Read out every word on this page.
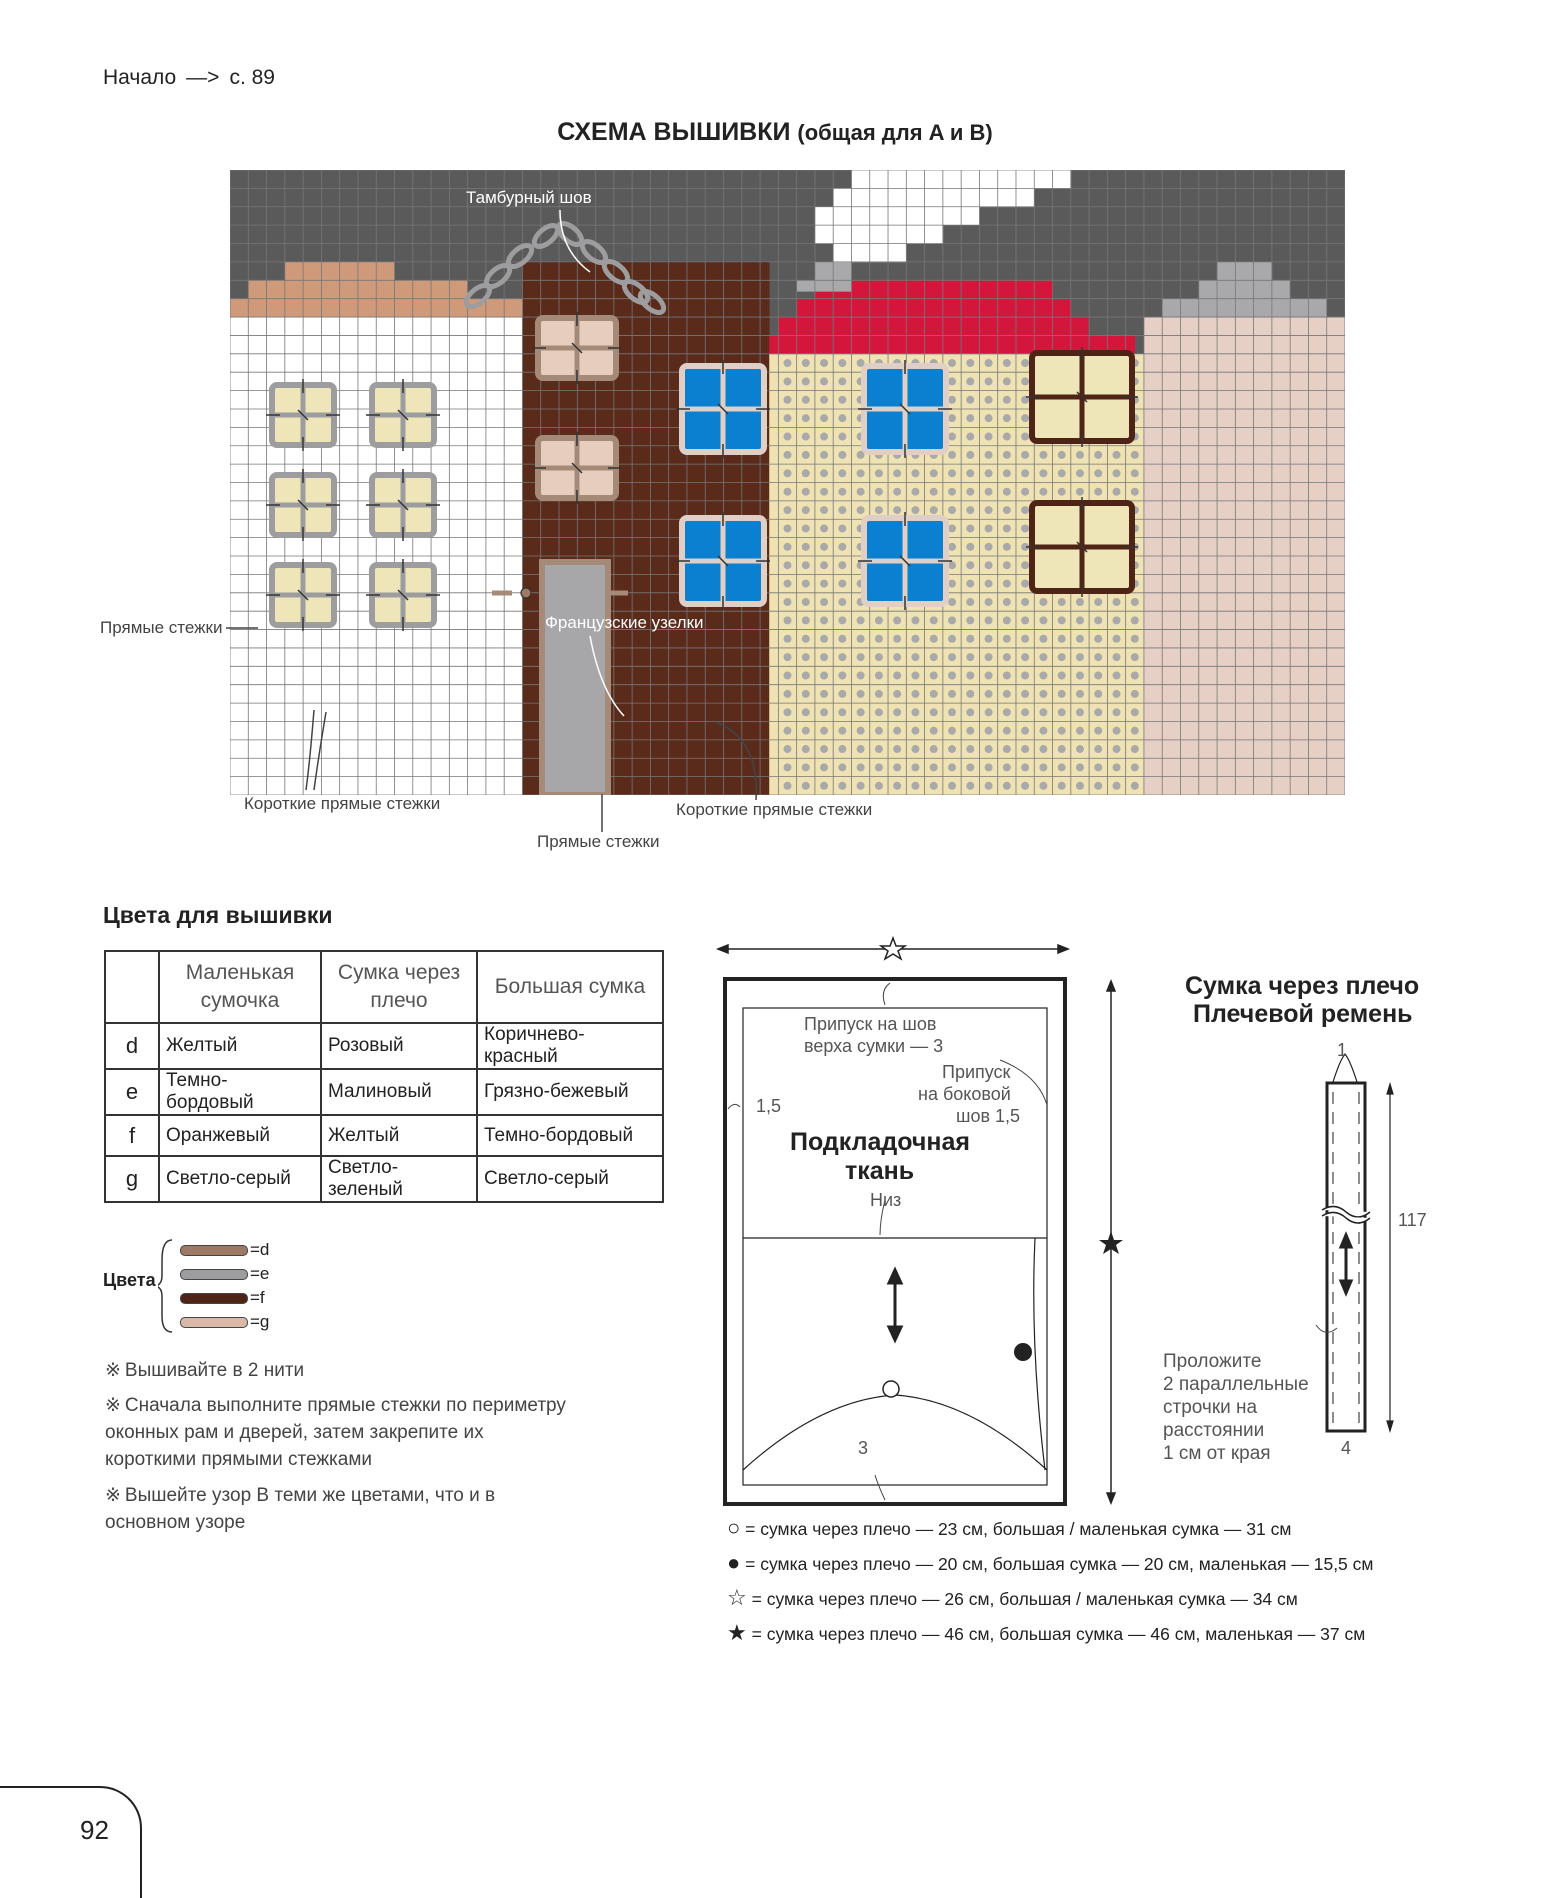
Начало —> с. 89
СХЕМА ВЫШИВКИ (общая для A и B)
Тамбурный шов
Прямые стежки	Французские узелки
Короткие прямые стежки	Короткие прямые стежки
Прямые стежки
Цвета для вышивки
	Маленькая сумочка	Сумка через плечо	Большая сумка
d	Желтый	Розовый	Коричнево-красный
e	Темно-бордовый	Малиновый	Грязно-бежевый
f	Оранжевый	Желтый	Темно-бордовый
g	Светло-серый	Светло-зеленый	Светло-серый
Цвета
=d
=e
=f
=g
※ Вышивайте в 2 нити
※ Сначала выполните прямые стежки по периметру оконных рам и дверей, затем закрепите их короткими прямыми стежками
※ Вышейте узор B теми же цветами, что и в основном узоре
Припуск на шов
верха сумки — 3
Припуск
на боковой
шов 1,5
1,5
Подкладочная
ткань
Низ
3
Сумка через плечо
Плечевой ремень
1
117
4
Проложите
2 параллельные
строчки на
расстоянии
1 см от края
○ = сумка через плечо — 23 см, большая / маленькая сумка — 31 см
● = сумка через плечо — 20 см, большая сумка — 20 см, маленькая — 15,5 см
☆ = сумка через плечо — 26 см, большая / маленькая сумка — 34 см
★ = сумка через плечо — 46 см, большая сумка — 46 см, маленькая — 37 см
92
